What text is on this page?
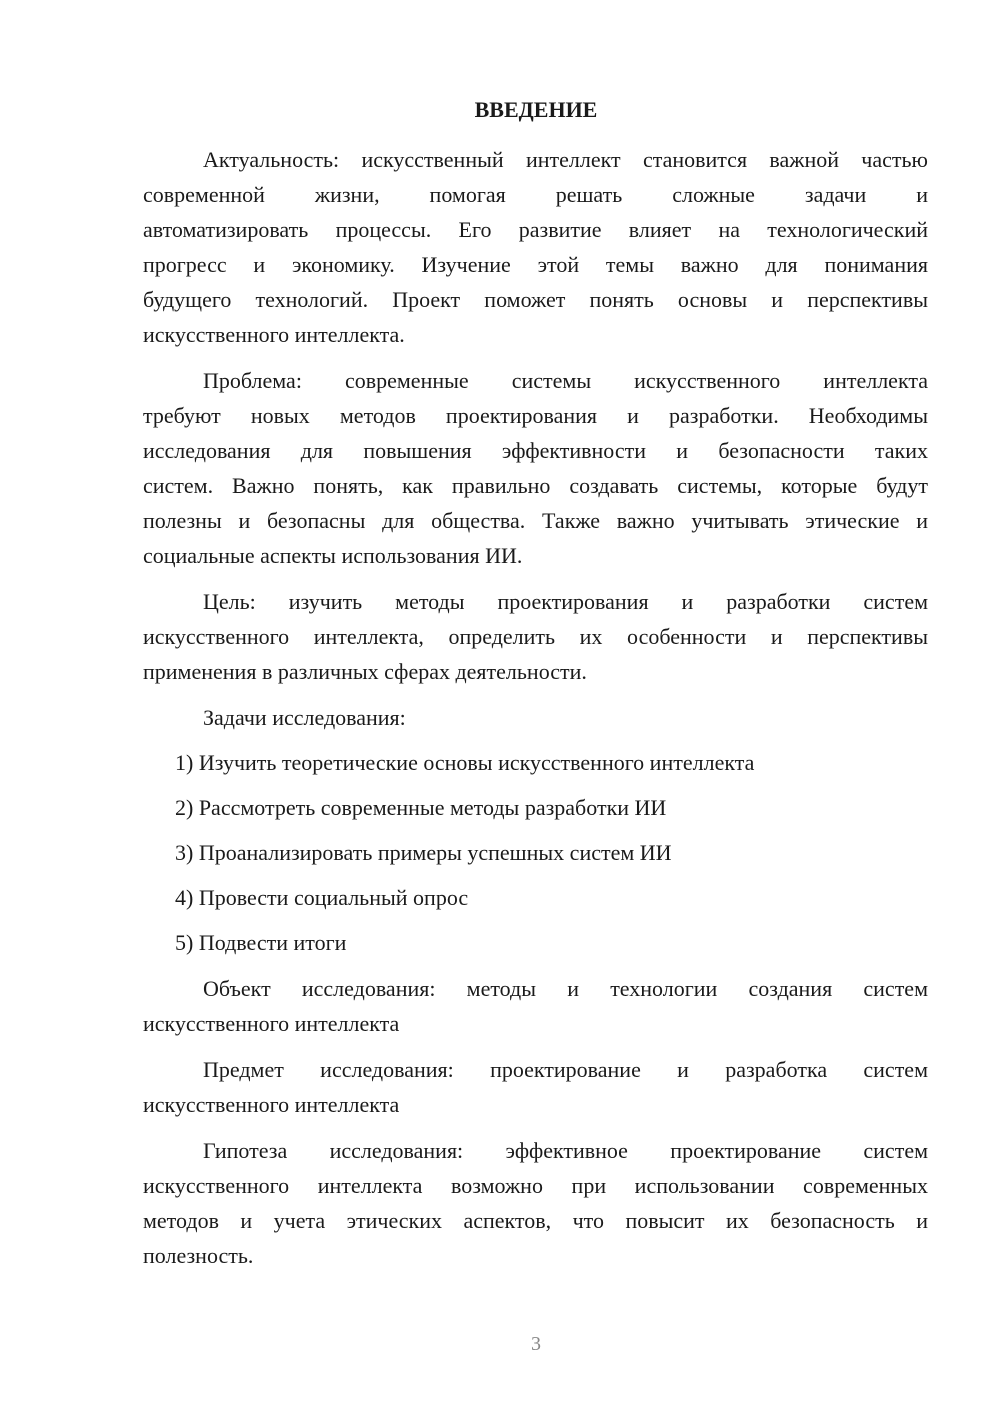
ВВЕДЕНИЕ
Актуальность: искусственный интеллект становится важной частью
современной жизни, помогая решать сложные задачи и
автоматизировать процессы. Его развитие влияет на технологический
прогресс и экономику. Изучение этой темы важно для понимания
будущего технологий. Проект поможет понять основы и перспективы
искусственного интеллекта.
Проблема: современные системы искусственного интеллекта
требуют новых методов проектирования и разработки. Необходимы
исследования для повышения эффективности и безопасности таких
систем. Важно понять, как правильно создавать системы, которые будут
полезны и безопасны для общества. Также важно учитывать этические и
социальные аспекты использования ИИ.
Цель: изучить методы проектирования и разработки систем
искусственного интеллекта, определить их особенности и перспективы
применения в различных сферах деятельности.
Задачи исследования:
1) Изучить теоретические основы искусственного интеллекта
2) Рассмотреть современные методы разработки ИИ
3) Проанализировать примеры успешных систем ИИ
4) Провести социальный опрос
5) Подвести итоги
Объект исследования: методы и технологии создания систем
искусственного интеллекта
Предмет исследования: проектирование и разработка систем
искусственного интеллекта
Гипотеза исследования: эффективное проектирование систем
искусственного интеллекта возможно при использовании современных
методов и учета этических аспектов, что повысит их безопасность и
полезность.
3
